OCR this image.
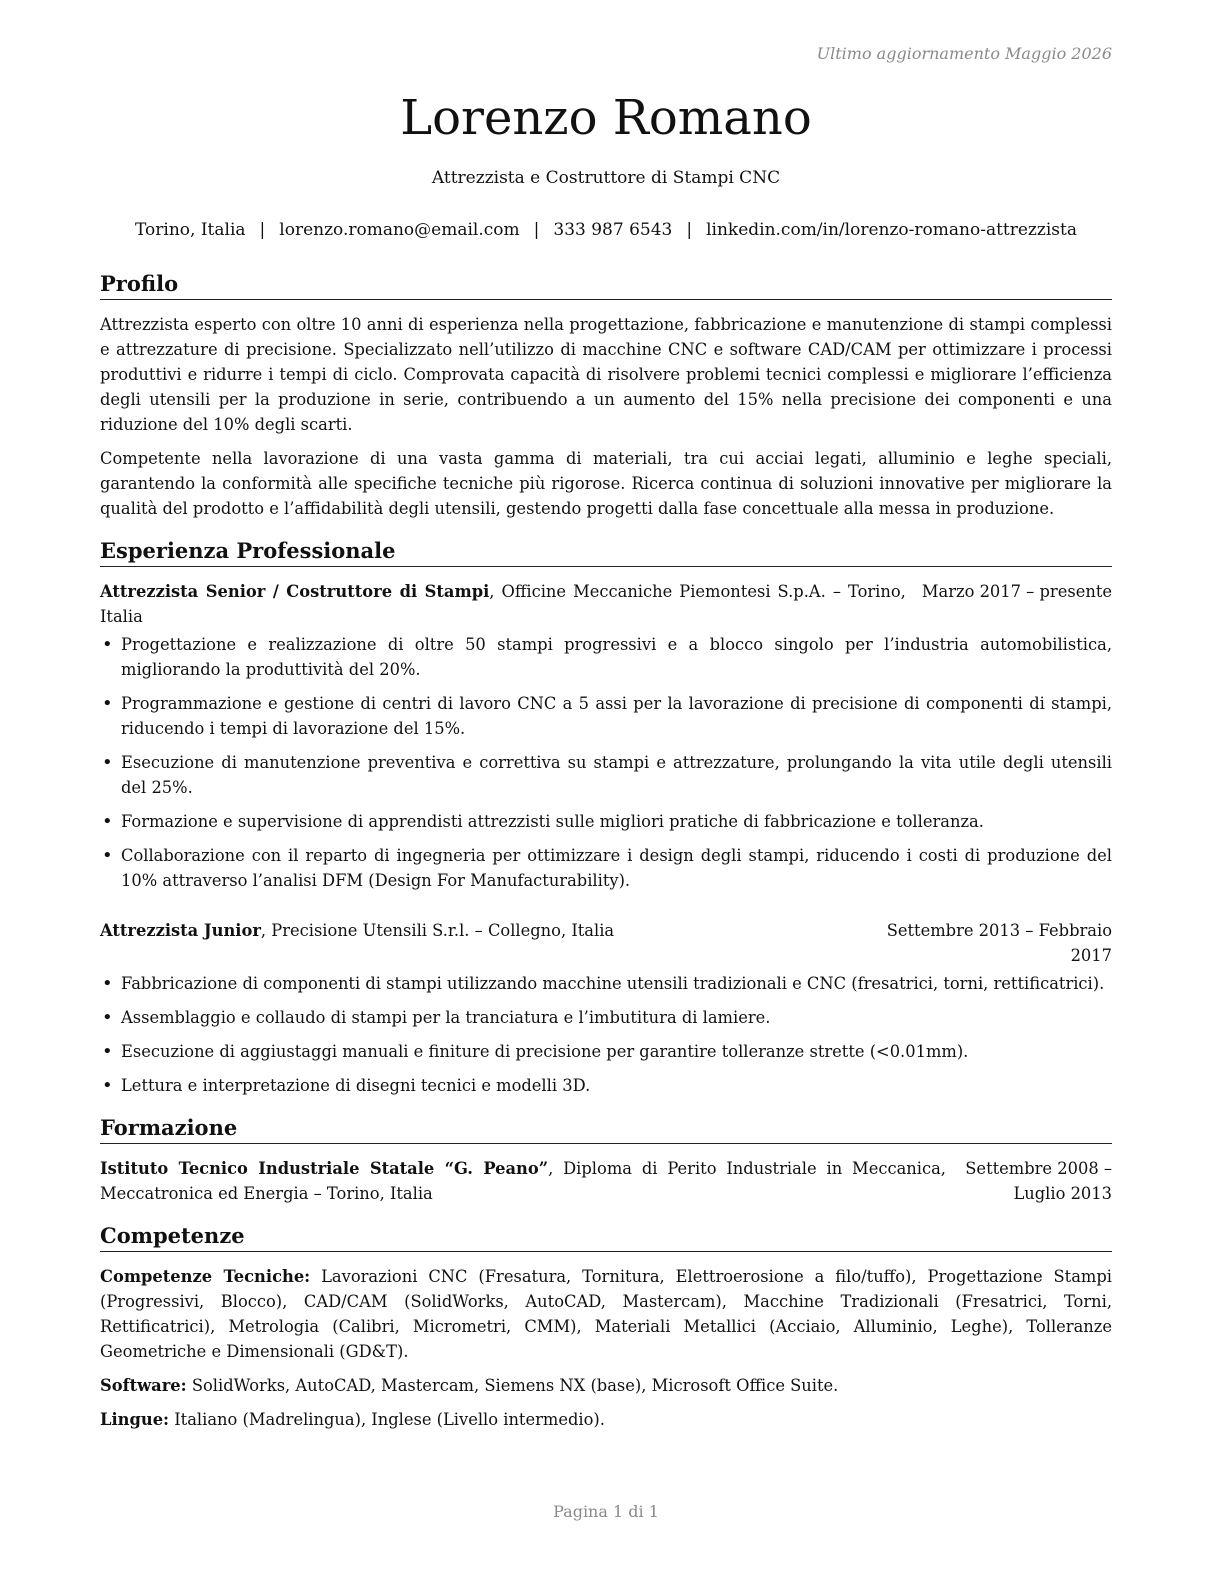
Ultimo aggiornamento Maggio 2026
Lorenzo Romano
Attrezzista e Costruttore di Stampi CNC
Torino, Italia | lorenzo.romano@email.com | 333 987 6543 | linkedin.com/in/lorenzo-romano-attrezzista
Profilo

Attrezzista esperto con oltre 10 anni di esperienza nella progettazione, fabbricazione e manutenzione di stampi complessi e attrezzature di precisione. Specializzato nell’utilizzo di macchine CNC e software CAD/CAM per ottimizzare i processi produttivi e ridurre i tempi di ciclo. Comprovata capacità di risolvere problemi tecnici complessi e migliorare l’efficienza degli utensili per la produzione in serie, contribuendo a un aumento del 15% nella precisione dei componenti e una riduzione del 10% degli scarti.

Competente nella lavorazione di una vasta gamma di materiali, tra cui acciai legati, alluminio e leghe speciali, garantendo la conformità alle specifiche tecniche più rigorose. Ricerca continua di soluzioni innovative per migliorare la qualità del prodotto e l’affidabilità degli utensili, gestendo progetti dalla fase concettuale alla messa in produzione.

Esperienza Professionale
Attrezzista Senior / Costruttore di Stampi, Officine Meccaniche Piemontesi S.p.A. – Torino, Italia
Marzo 2017 – presente
• Progettazione e realizzazione di oltre 50 stampi progressivi e a blocco singolo per l’industria automobilistica, migliorando la produttività del 20%.
• Programmazione e gestione di centri di lavoro CNC a 5 assi per la lavorazione di precisione di componenti di stampi, riducendo i tempi di lavorazione del 15%.
• Esecuzione di manutenzione preventiva e correttiva su stampi e attrezzature, prolungando la vita utile degli utensili del 25%.
• Formazione e supervisione di apprendisti attrezzisti sulle migliori pratiche di fabbricazione e tolleranza.
• Collaborazione con il reparto di ingegneria per ottimizzare i design degli stampi, riducendo i costi di produzione del 10% attraverso l’analisi DFM (Design For Manufacturability).
Attrezzista Junior, Precisione Utensili S.r.l. – Collegno, Italia	Settembre 2013 – Febbraio 2017
• Fabbricazione di componenti di stampi utilizzando macchine utensili tradizionali e CNC (fresatrici, torni, rettificatrici).
• Assemblaggio e collaudo di stampi per la tranciatura e l’imbutitura di lamiere.
• Esecuzione di aggiustaggi manuali e finiture di precisione per garantire tolleranze strette (<0.01mm).
• Lettura e interpretazione di disegni tecnici e modelli 3D.
Formazione
Istituto Tecnico Industriale Statale “G. Peano”, Diploma di Perito Industriale in Meccanica, Meccatronica ed Energia – Torino, Italia
Settembre 2008 – Luglio 2013
Competenze

Competenze Tecniche: Lavorazioni CNC (Fresatura, Tornitura, Elettroerosione a filo/tuffo), Progettazione Stampi (Progressivi, Blocco), CAD/CAM (SolidWorks, AutoCAD, Mastercam), Macchine Tradizionali (Fresatrici, Torni, Rettificatrici), Metrologia (Calibri, Micrometri, CMM), Materiali Metallici (Acciaio, Alluminio, Leghe), Tolleranze Geometriche e Dimensionali (GD&T).

Software: SolidWorks, AutoCAD, Mastercam, Siemens NX (base), Microsoft Office Suite.

Lingue: Italiano (Madrelingua), Inglese (Livello intermedio).

Pagina 1 di 1
